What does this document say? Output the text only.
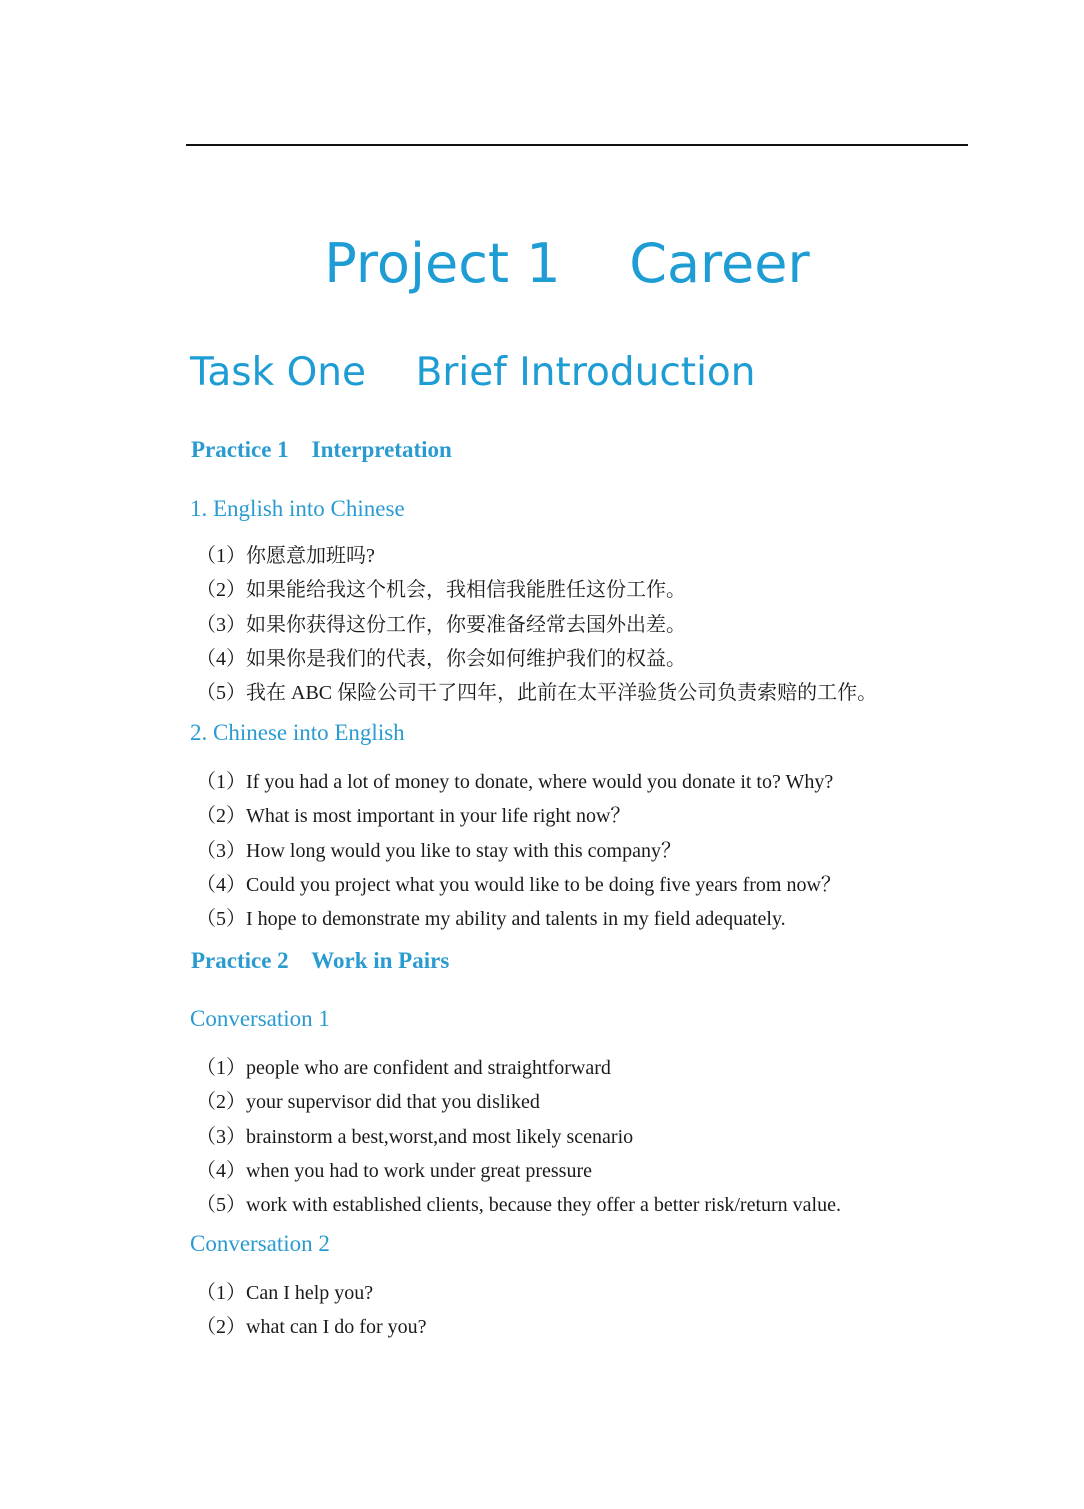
Project 1    Career
Task One    Brief Introduction
Practice 1    Interpretation
1. English into Chinese
（1）你愿意加班吗?
（2）如果能给我这个机会，我相信我能胜任这份工作。
（3）如果你获得这份工作，你要准备经常去国外出差。
（4）如果你是我们的代表，你会如何维护我们的权益。
（5）我在 ABC 保险公司干了四年，此前在太平洋验货公司负责索赔的工作。
2. Chinese into English
（1）If you had a lot of money to donate, where would you donate it to? Why?
（2）What is most important in your life right now？
（3）How long would you like to stay with this company？
（4）Could you project what you would like to be doing five years from now？
（5）I hope to demonstrate my ability and talents in my field adequately.
Practice 2    Work in Pairs
Conversation 1
（1）people who are confident and straightforward
（2）your supervisor did that you disliked
（3）brainstorm a best,worst,and most likely scenario
（4）when you had to work under great pressure
（5）work with established clients, because they offer a better risk/return value.
Conversation 2
（1）Can I help you?
（2）what can I do for you?
